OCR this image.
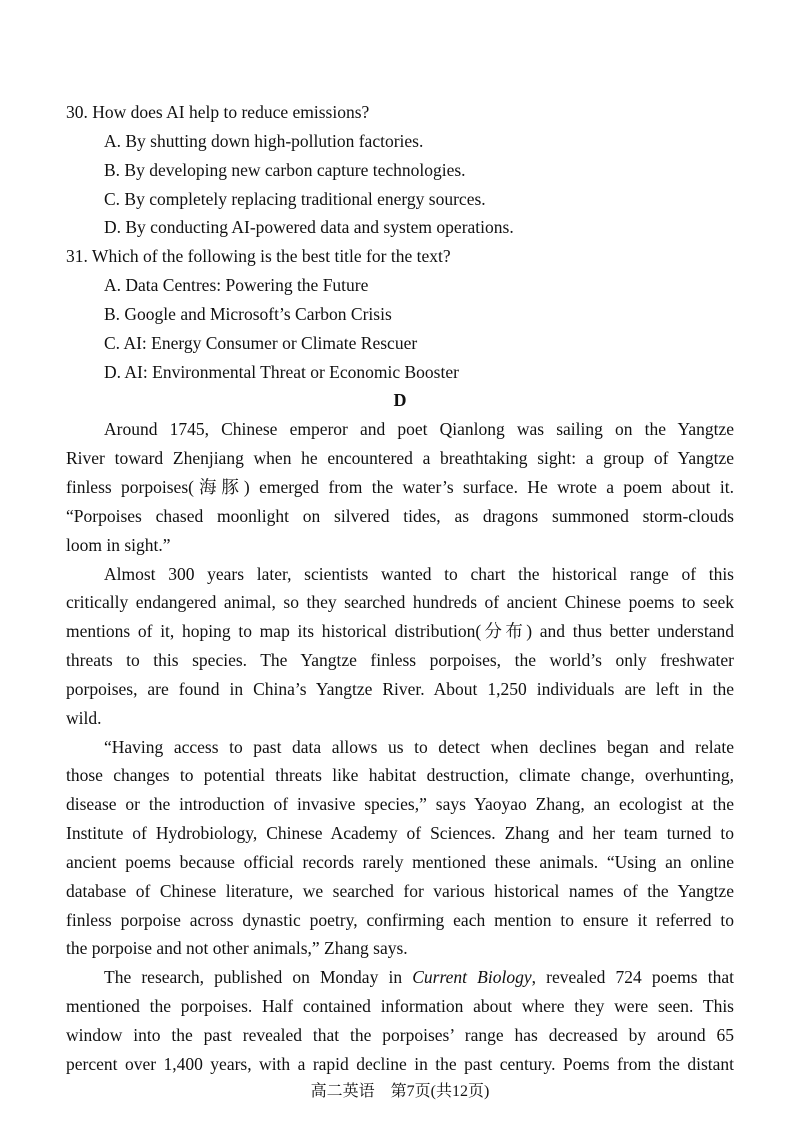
30. How does AI help to reduce emissions?
A. By shutting down high-pollution factories.
B. By developing new carbon capture technologies.
C. By completely replacing traditional energy sources.
D. By conducting AI-powered data and system operations.
31. Which of the following is the best title for the text?
A. Data Centres: Powering the Future
B. Google and Microsoft’s Carbon Crisis
C. AI: Energy Consumer or Climate Rescuer
D. AI: Environmental Threat or Economic Booster
D
Around 1745, Chinese emperor and poet Qianlong was sailing on the Yangtze
River toward Zhenjiang when he encountered a breathtaking sight: a group of Yangtze
finless porpoises(海豚) emerged from the water’s surface. He wrote a poem about it.
“Porpoises chased moonlight on silvered tides, as dragons summoned storm-clouds
loom in sight.”
Almost 300 years later, scientists wanted to chart the historical range of this
critically endangered animal, so they searched hundreds of ancient Chinese poems to seek
mentions of it, hoping to map its historical distribution(分布) and thus better understand
threats to this species. The Yangtze finless porpoises, the world’s only freshwater
porpoises, are found in China’s Yangtze River. About 1,250 individuals are left in the
wild.
“Having access to past data allows us to detect when declines began and relate
those changes to potential threats like habitat destruction, climate change, overhunting,
disease or the introduction of invasive species,” says Yaoyao Zhang, an ecologist at the
Institute of Hydrobiology, Chinese Academy of Sciences. Zhang and her team turned to
ancient poems because official records rarely mentioned these animals. “Using an online
database of Chinese literature, we searched for various historical names of the Yangtze
finless porpoise across dynastic poetry, confirming each mention to ensure it referred to
the porpoise and not other animals,” Zhang says.
The research, published on Monday in Current Biology, revealed 724 poems that
mentioned the porpoises. Half contained information about where they were seen. This
window into the past revealed that the porpoises’ range has decreased by around 65
percent over 1,400 years, with a rapid decline in the past century. Poems from the distant
高二英语　第7页(共12页)
